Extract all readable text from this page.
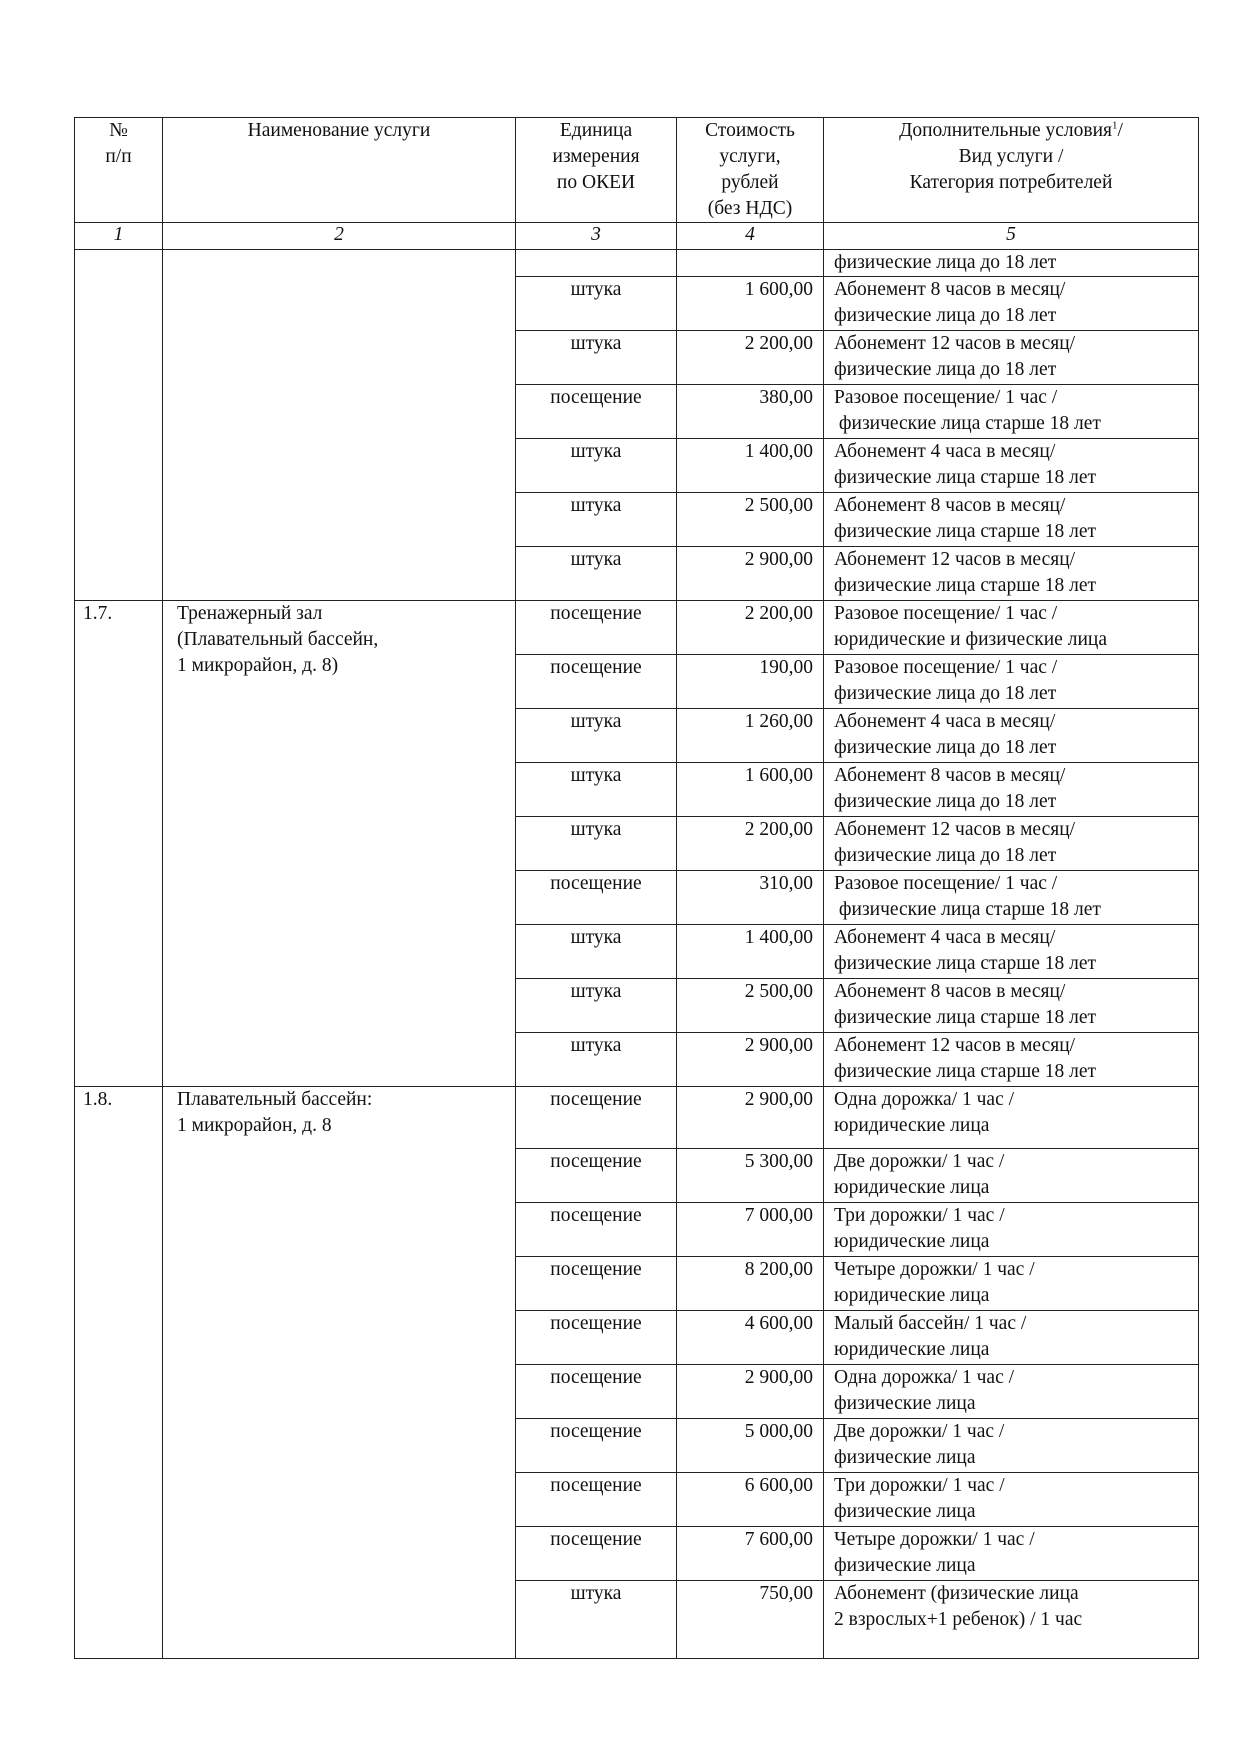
№
п/п	Наименование услуги	Единица
измерения
по ОКЕИ	Стоимость
услуги,
рублей
(без НДС)	Дополнительные условия$^1$/
Вид услуги /
Категория потребителей
1	2	3	4	5
				физические лица до 18 лет
		штука	1 600,00	Абонемент 8 часов в месяц/
физические лица до 18 лет
		штука	2 200,00	Абонемент 12 часов в месяц/
физические лица до 18 лет
		посещение	380,00	Разовое посещение/ 1 час /
физические лица старше 18 лет
		штука	1 400,00	Абонемент 4 часа в месяц/
физические лица старше 18 лет
		штука	2 500,00	Абонемент 8 часов в месяц/
физические лица старше 18 лет
		штука	2 900,00	Абонемент 12 часов в месяц/
физические лица старше 18 лет
1.7.	Тренажерный зал
(Плавательный бассейн,
1 микрорайон, д. 8)	посещение	2 200,00	Разовое посещение/ 1 час /
юридические и физические лица
		посещение	190,00	Разовое посещение/ 1 час /
физические лица до 18 лет
		штука	1 260,00	Абонемент 4 часа в месяц/
физические лица до 18 лет
		штука	1 600,00	Абонемент 8 часов в месяц/
физические лица до 18 лет
		штука	2 200,00	Абонемент 12 часов в месяц/
физические лица до 18 лет
		посещение	310,00	Разовое посещение/ 1 час /
физические лица старше 18 лет
		штука	1 400,00	Абонемент 4 часа в месяц/
физические лица старше 18 лет
		штука	2 500,00	Абонемент 8 часов в месяц/
физические лица старше 18 лет
		штука	2 900,00	Абонемент 12 часов в месяц/
физические лица старше 18 лет
1.8.	Плавательный бассейн:
1 микрорайон, д. 8	посещение	2 900,00	Одна дорожка/ 1 час /
юридические лица
		посещение	5 300,00	Две дорожки/ 1 час /
юридические лица
		посещение	7 000,00	Три дорожки/ 1 час /
юридические лица
		посещение	8 200,00	Четыре дорожки/ 1 час /
юридические лица
		посещение	4 600,00	Малый бассейн/ 1 час /
юридические лица
		посещение	2 900,00	Одна дорожка/ 1 час /
физические лица
		посещение	5 000,00	Две дорожки/ 1 час /
физические лица
		посещение	6 600,00	Три дорожки/ 1 час /
физические лица
		посещение	7 600,00	Четыре дорожки/ 1 час /
физические лица
		штука	750,00	Абонемент (физические лица
2 взрослых+1 ребенок) / 1 час
